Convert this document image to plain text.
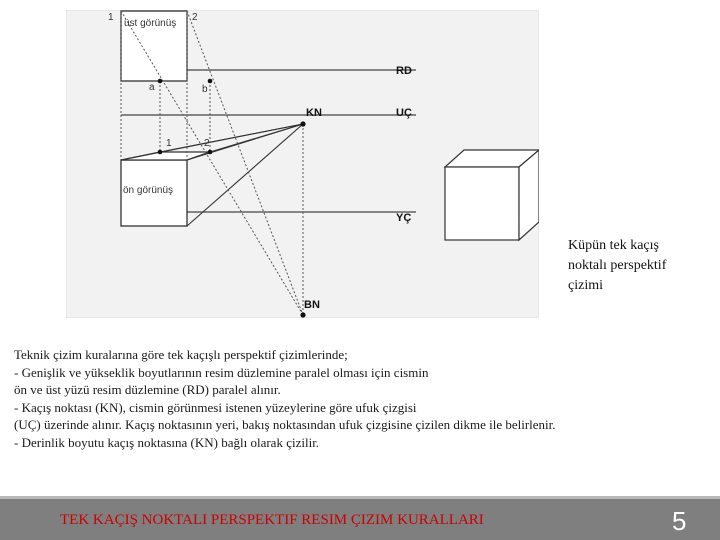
1	2
üst görünüş
RD
a	b
KN	UÇ
1	2
ön görünüş
YÇ
BN
Küpün tek kaçış
noktalı perspektif
çizimi
Teknik çizim kuralarına göre tek kaçışlı perspektif çizimlerinde;
- Genişlik ve yükseklik boyutlarının resim düzlemine paralel olması için cismin
ön ve üst yüzü resim düzlemine (RD) paralel alınır.
- Kaçış noktası (KN), cismin görünmesi istenen yüzeylerine göre ufuk çizgisi
(UÇ) üzerinde alınır. Kaçış noktasının yeri, bakış noktasından ufuk çizgisine çizilen dikme ile belirlenir.
- Derinlik boyutu kaçış noktasına (KN) bağlı olarak çizilir.
TEK KAÇIŞ NOKTALI PERSPEKTIF RESIM ÇIZIM KURALLARI	5
